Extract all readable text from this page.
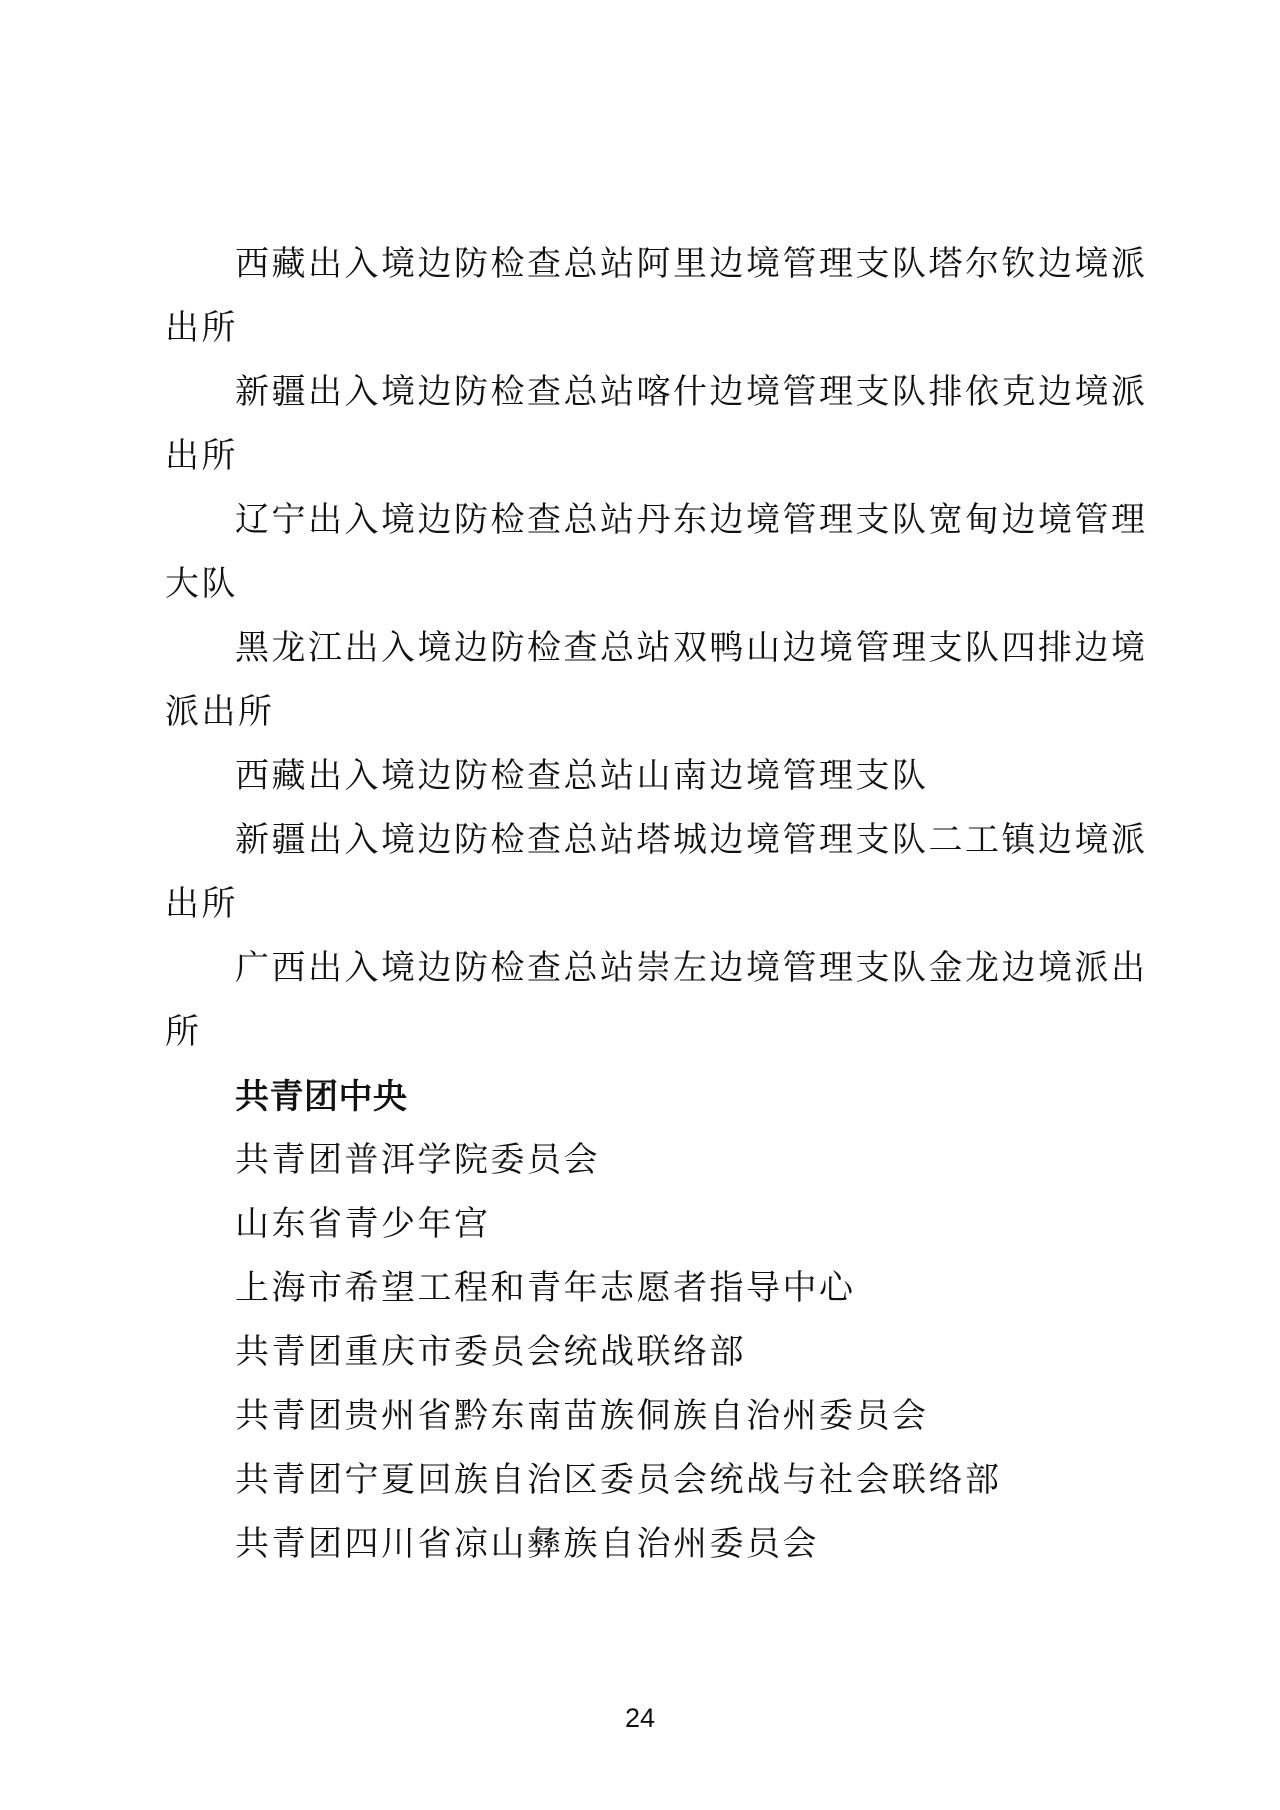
西藏出入境边防检查总站阿里边境管理支队塔尔钦边境派出所

新疆出入境边防检查总站喀什边境管理支队排依克边境派出所

辽宁出入境边防检查总站丹东边境管理支队宽甸边境管理大队

黑龙江出入境边防检查总站双鸭山边境管理支队四排边境派出所

西藏出入境边防检查总站山南边境管理支队

新疆出入境边防检查总站塔城边境管理支队二工镇边境派出所

广西出入境边防检查总站崇左边境管理支队金龙边境派出所

共青团中央

共青团普洱学院委员会

山东省青少年宫

上海市希望工程和青年志愿者指导中心

共青团重庆市委员会统战联络部

共青团贵州省黔东南苗族侗族自治州委员会

共青团宁夏回族自治区委员会统战与社会联络部

共青团四川省凉山彝族自治州委员会

24
